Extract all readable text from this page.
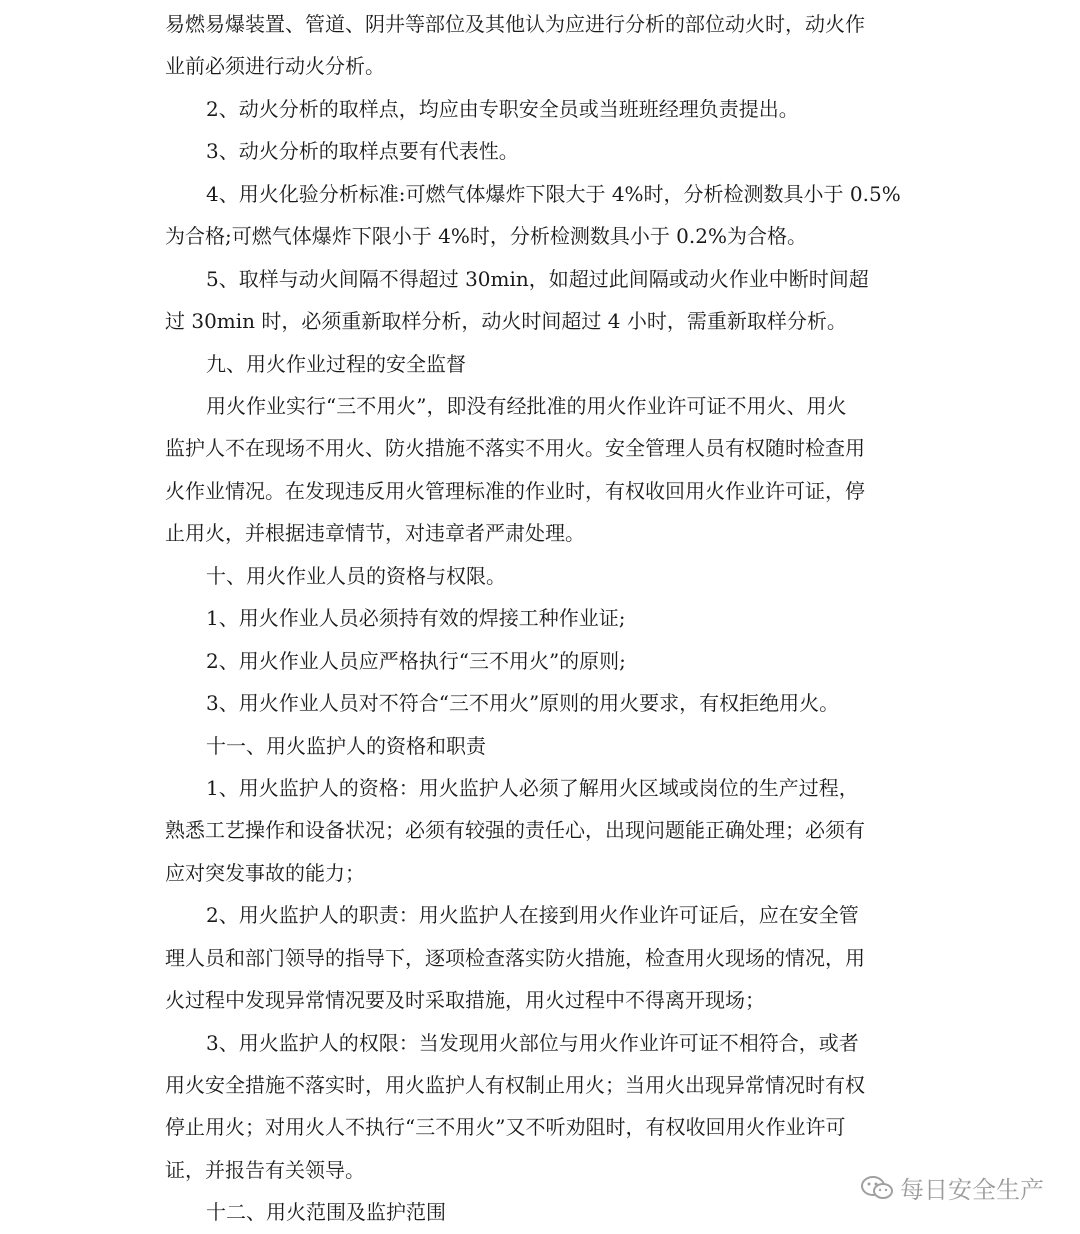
易燃易爆装置、管道、阴井等部位及其他认为应进行分析的部位动火时，动火作
业前必须进行动火分析。
2、动火分析的取样点，均应由专职安全员或当班班经理负责提出。
3、动火分析的取样点要有代表性。
4、用火化验分析标准:可燃气体爆炸下限大于 4%时，分析检测数具小于 0.5%
为合格;可燃气体爆炸下限小于 4%时，分析检测数具小于 0.2%为合格。
5、取样与动火间隔不得超过 30min，如超过此间隔或动火作业中断时间超
过 30min 时，必须重新取样分析，动火时间超过 4 小时，需重新取样分析。
九、用火作业过程的安全监督
用火作业实行“三不用火”，即没有经批准的用火作业许可证不用火、用火
监护人不在现场不用火、防火措施不落实不用火。安全管理人员有权随时检查用
火作业情况。在发现违反用火管理标准的作业时，有权收回用火作业许可证，停
止用火，并根据违章情节，对违章者严肃处理。
十、用火作业人员的资格与权限。
1、用火作业人员必须持有效的焊接工种作业证;
2、用火作业人员应严格执行“三不用火”的原则;
3、用火作业人员对不符合“三不用火”原则的用火要求，有权拒绝用火。
十一、用火监护人的资格和职责
1、用火监护人的资格：用火监护人必须了解用火区域或岗位的生产过程，
熟悉工艺操作和设备状况；必须有较强的责任心，出现问题能正确处理；必须有
应对突发事故的能力；
2、用火监护人的职责：用火监护人在接到用火作业许可证后，应在安全管
理人员和部门领导的指导下，逐项检查落实防火措施，检查用火现场的情况，用
火过程中发现异常情况要及时采取措施，用火过程中不得离开现场；
3、用火监护人的权限：当发现用火部位与用火作业许可证不相符合，或者
用火安全措施不落实时，用火监护人有权制止用火；当用火出现异常情况时有权
停止用火；对用火人不执行“三不用火”又不听劝阻时，有权收回用火作业许可
证，并报告有关领导。
十二、用火范围及监护范围
每日安全生产
